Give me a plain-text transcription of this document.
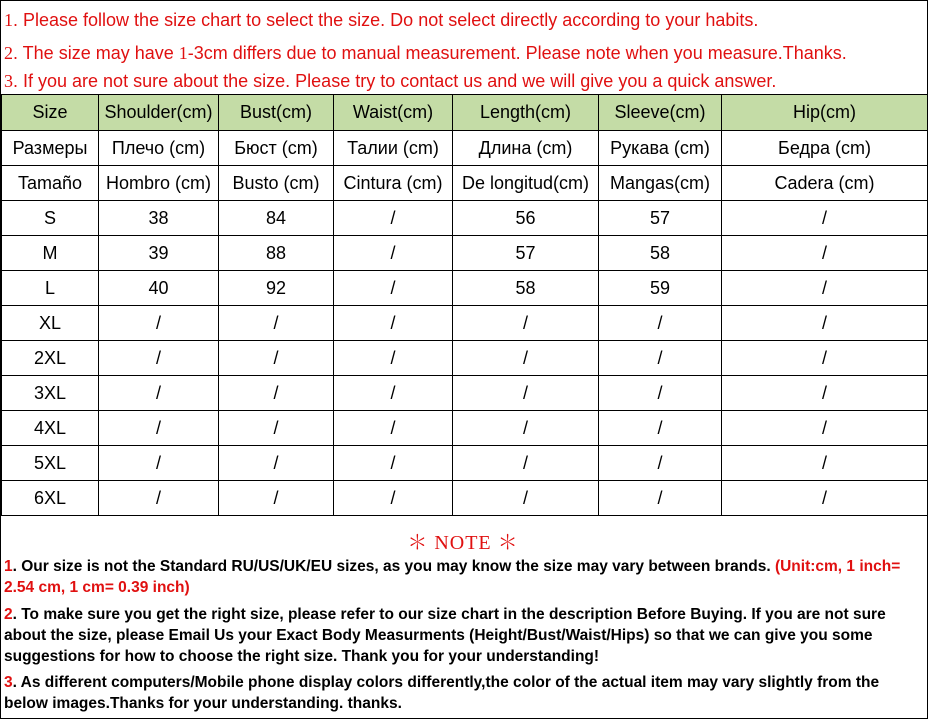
1. Please follow the size chart to select the size. Do not select directly according to your habits.
2. The size may have 1-3cm differs due to manual measurement. Please note when you measure.Thanks.
3. If you are not sure about the size. Please try to contact us and we will give you a quick answer.
Size	Shoulder(cm)	Bust(cm)	Waist(cm)	Length(cm)	Sleeve(cm)	Hip(cm)
Размеры	Плечо (cm)	Бюст (cm)	Талии (cm)	Длина (cm)	Рукава (cm)	Бедра (cm)
Tamaño	Hombro (cm)	Busto (cm)	Cintura (cm)	De longitud(cm)	Mangas(cm)	Cadera (cm)
S	38	84	/	56	57	/
M	39	88	/	57	58	/
L	40	92	/	58	59	/
XL	/	/	/	/	/	/
2XL	/	/	/	/	/	/
3XL	/	/	/	/	/	/
4XL	/	/	/	/	/	/
5XL	/	/	/	/	/	/
6XL	/	/	/	/	/	/
＊ NOTE ＊
1. Our size is not the Standard RU/US/UK/EU sizes, as you may know the size may vary between brands. (Unit:cm, 1 inch= 2.54 cm, 1 cm= 0.39 inch)
2. To make sure you get the right size, please refer to our size chart in the description Before Buying. If you are not sure about the size, please Email Us your Exact Body Measurments (Height/Bust/Waist/Hips) so that we can give you some suggestions for how to choose the right size. Thank you for your understanding!
3. As different computers/Mobile phone display colors differently,the color of the actual item may vary slightly from the below images.Thanks for your understanding. thanks.
